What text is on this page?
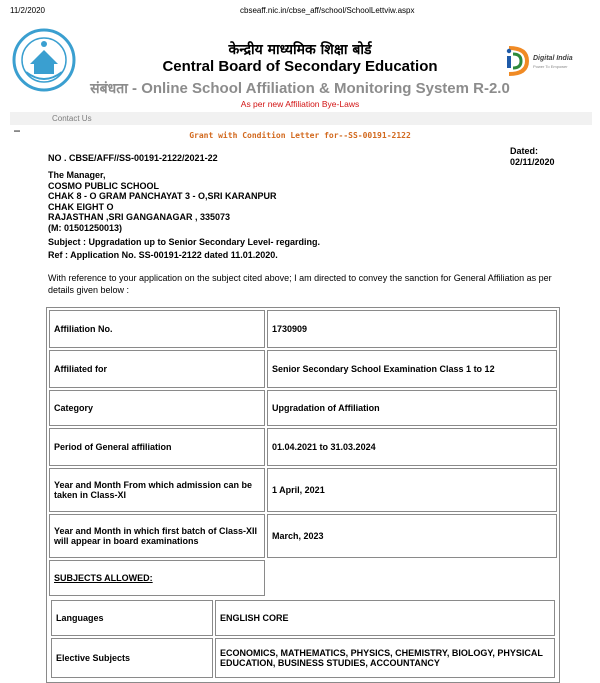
11/2/2020	cbseaff.nic.in/cbse_aff/school/SchoolLettviw.aspx
केन्द्रीय माध्यमिक शिक्षा बोर्ड
Central Board of Secondary Education
संबंधता - Online School Affiliation & Monitoring System R-2.0
As per new Affiliation Bye-Laws
Digital India
Power To Empower
Contact Us
▬	Grant with Condition Letter for--SS-00191-2122
NO . CBSE/AFF//SS-00191-2122/2021-22
Dated:
02/11/2020
The Manager,
COSMO PUBLIC SCHOOL
CHAK 8 - O GRAM PANCHAYAT 3 - O,SRI KARANPUR
CHAK EIGHT O
RAJASTHAN ,SRI GANGANAGAR , 335073
(M: 01501250013)
Subject : Upgradation up to Senior Secondary Level- regarding.
Ref : Application No. SS-00191-2122 dated 11.01.2020.
With reference to your application on the subject cited above; I am directed to convey the sanction for General Affiliation as per details given below :
Affiliation No.	1730909
Affiliated for	Senior Secondary School Examination Class 1 to 12
Category	Upgradation of Affiliation
Period of General affiliation	01.04.2021 to 31.03.2024
Year and Month From which admission can be taken in Class-XI	1 April, 2021
Year and Month in which first batch of Class-XII will appear in board examinations	March, 2023
SUBJECTS ALLOWED:	

Languages	ENGLISH CORE
Elective Subjects	ECONOMICS, MATHEMATICS, PHYSICS, CHEMISTRY, BIOLOGY, PHYSICAL EDUCATION, BUSINESS STUDIES, ACCOUNTANCY
